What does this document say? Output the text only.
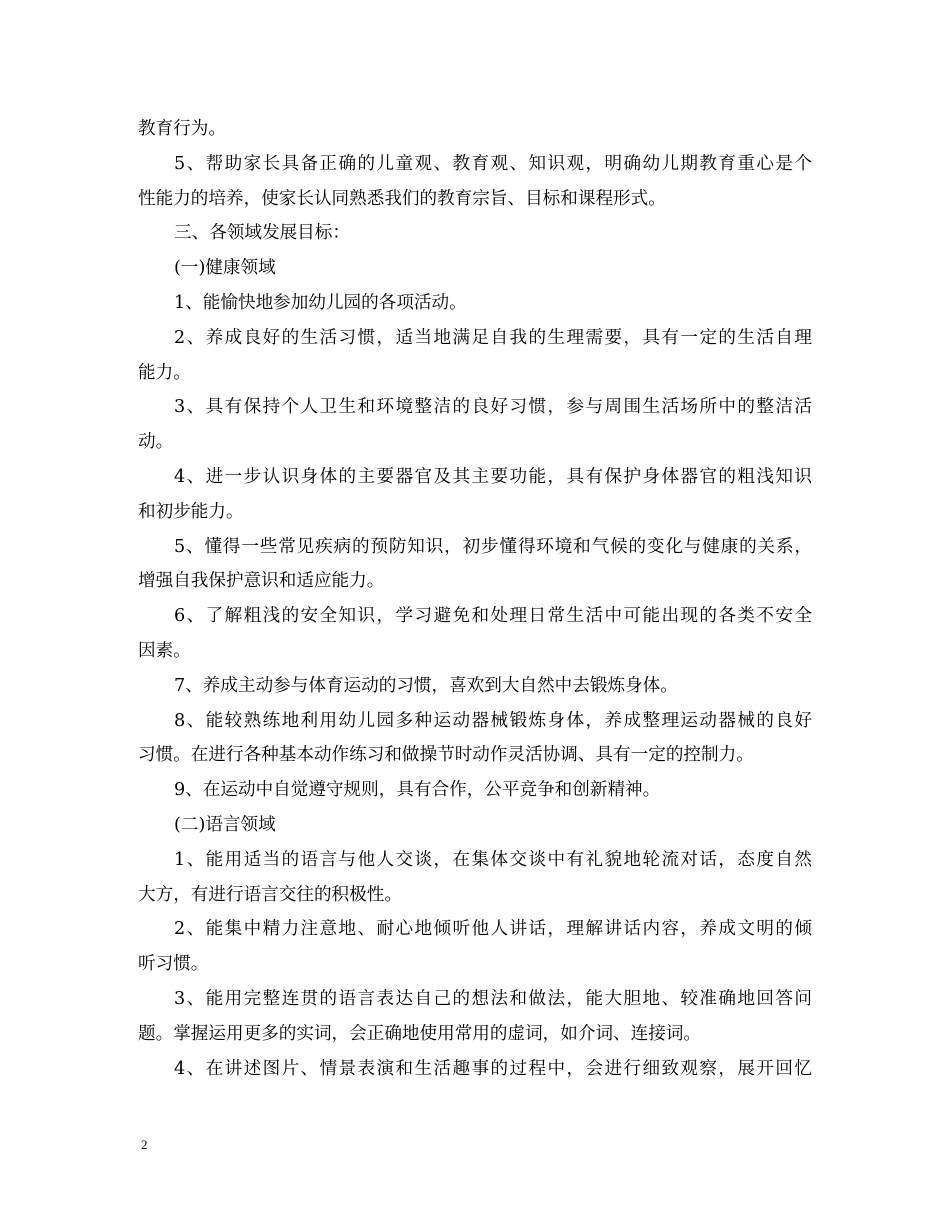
教育行为。
5、帮助家长具备正确的儿童观、教育观、知识观，明确幼儿期教育重心是个
性能力的培养，使家长认同熟悉我们的教育宗旨、目标和课程形式。
三、各领域发展目标：
(一)健康领域
1、能愉快地参加幼儿园的各项活动。
2、养成良好的生活习惯，适当地满足自我的生理需要，具有一定的生活自理
能力。
3、具有保持个人卫生和环境整洁的良好习惯，参与周围生活场所中的整洁活
动。
4、进一步认识身体的主要器官及其主要功能，具有保护身体器官的粗浅知识
和初步能力。
5、懂得一些常见疾病的预防知识，初步懂得环境和气候的变化与健康的关系，
增强自我保护意识和适应能力。
6、了解粗浅的安全知识，学习避免和处理日常生活中可能出现的各类不安全
因素。
7、养成主动参与体育运动的习惯，喜欢到大自然中去锻炼身体。
8、能较熟练地利用幼儿园多种运动器械锻炼身体，养成整理运动器械的良好
习惯。在进行各种基本动作练习和做操节时动作灵活协调、具有一定的控制力。
9、在运动中自觉遵守规则，具有合作，公平竞争和创新精神。
(二)语言领域
1、能用适当的语言与他人交谈，在集体交谈中有礼貌地轮流对话，态度自然
大方，有进行语言交往的积极性。
2、能集中精力注意地、耐心地倾听他人讲话，理解讲话内容，养成文明的倾
听习惯。
3、能用完整连贯的语言表达自己的想法和做法，能大胆地、较准确地回答问
题。掌握运用更多的实词，会正确地使用常用的虚词，如介词、连接词。
4、在讲述图片、情景表演和生活趣事的过程中，会进行细致观察，展开回忆
2
